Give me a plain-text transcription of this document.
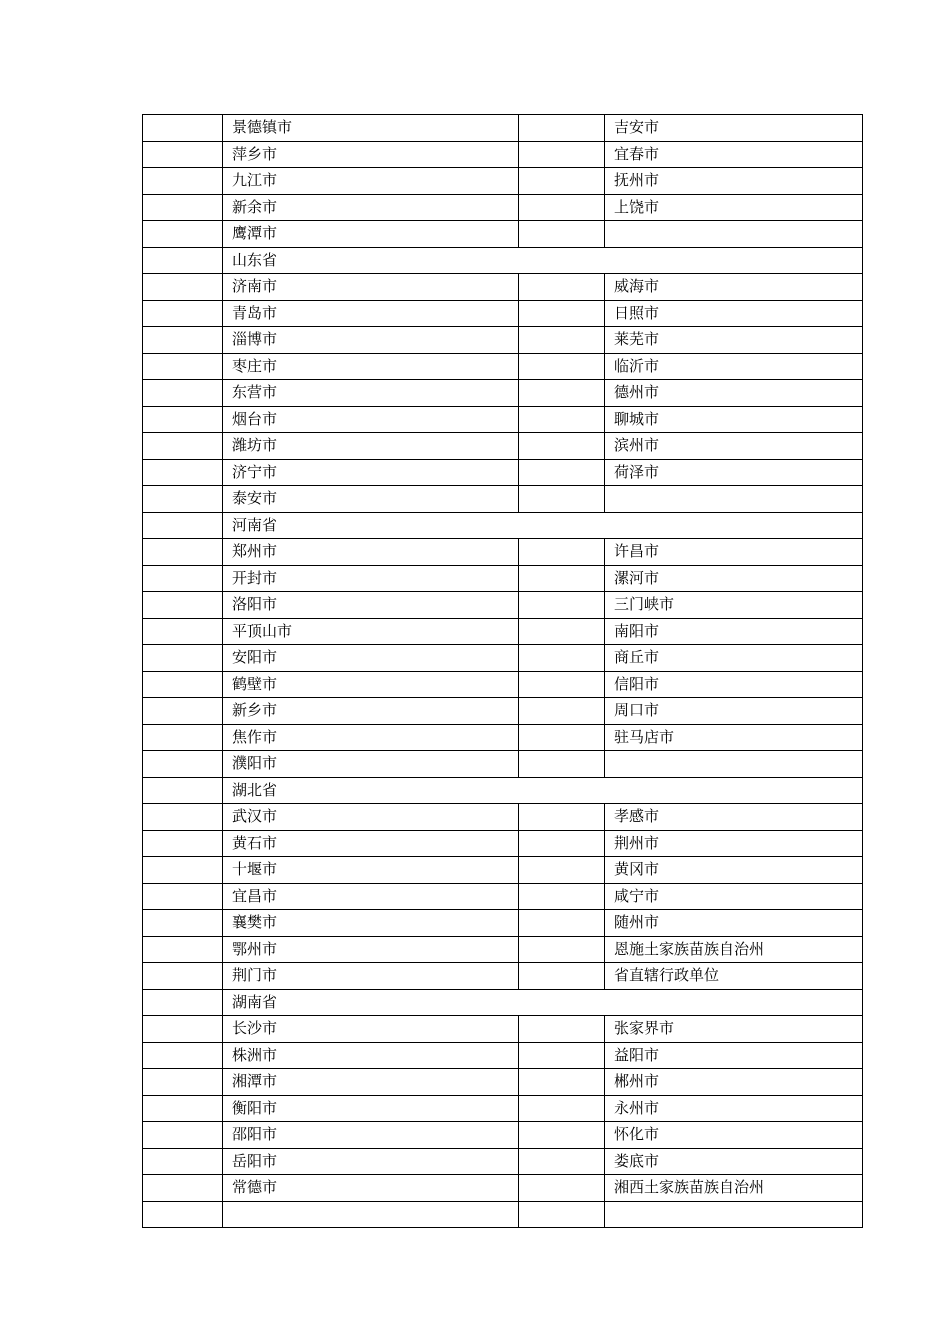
	景德镇市		吉安市
	萍乡市		宜春市
	九江市		抚州市
	新余市		上饶市
	鹰潭市		
	山东省		
	济南市		威海市
	青岛市		日照市
	淄博市		莱芜市
	枣庄市		临沂市
	东营市		德州市
	烟台市		聊城市
	潍坊市		滨州市
	济宁市		荷泽市
	泰安市		
	河南省		
	郑州市		许昌市
	开封市		漯河市
	洛阳市		三门峡市
	平顶山市		南阳市
	安阳市		商丘市
	鹤壁市		信阳市
	新乡市		周口市
	焦作市		驻马店市
	濮阳市		
	湖北省		
	武汉市		孝感市
	黄石市		荆州市
	十堰市		黄冈市
	宜昌市		咸宁市
	襄樊市		随州市
	鄂州市		恩施土家族苗族自治州
	荆门市		省直辖行政单位
	湖南省		
	长沙市		张家界市
	株洲市		益阳市
	湘潭市		郴州市
	衡阳市		永州市
	邵阳市		怀化市
	岳阳市		娄底市
	常德市		湘西土家族苗族自治州
